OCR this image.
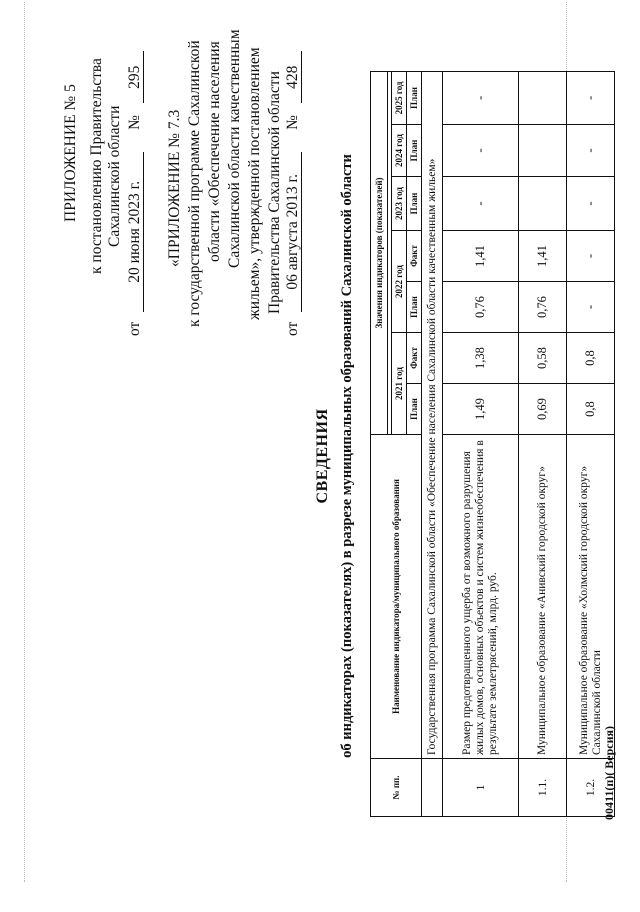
ПРИЛОЖЕНИЕ № 5 к постановлению Правительства Сахалинской области
от 20 июня 2023 г. № 295
«ПРИЛОЖЕНИЕ № 7.3 к государственной программе Сахалинской области «Обеспечение населения Сахалинской области качественным жильем», утвержденной постановлением Правительства Сахалинской области
от 06 августа 2013 г. № 428
СВЕДЕНИЯ об индикаторах (показателях) в разрезе муниципальных образований Сахалинской области
№ пп.	Наименование индикатора/муниципального образования	Значения индикаторов (показателей)						

		2021 год		2022 год		2023 год	2024 год	2025 год
		План	Факт	План	Факт	План	План	План
	Государственная программа Сахалинской области «Обеспечение населения Сахалинской области качественным жильем»							
1	Размер предотвращенного ущерба от возможного разрушения жилых домов, основных объектов и систем жизнеобеспечения в результате землетрясений, млрд. руб.	1,49	1,38	0,76	1,41	-	-	-
1.1.	Муниципальное образование «Анивский городской округ»	0,69	0,58	0,76	1,41			
1.2.	Муниципальное образование «Холмский городской округ» Сахалинской области	0,8	0,8	-	-	-	-	-
00411(п)( Версия)
